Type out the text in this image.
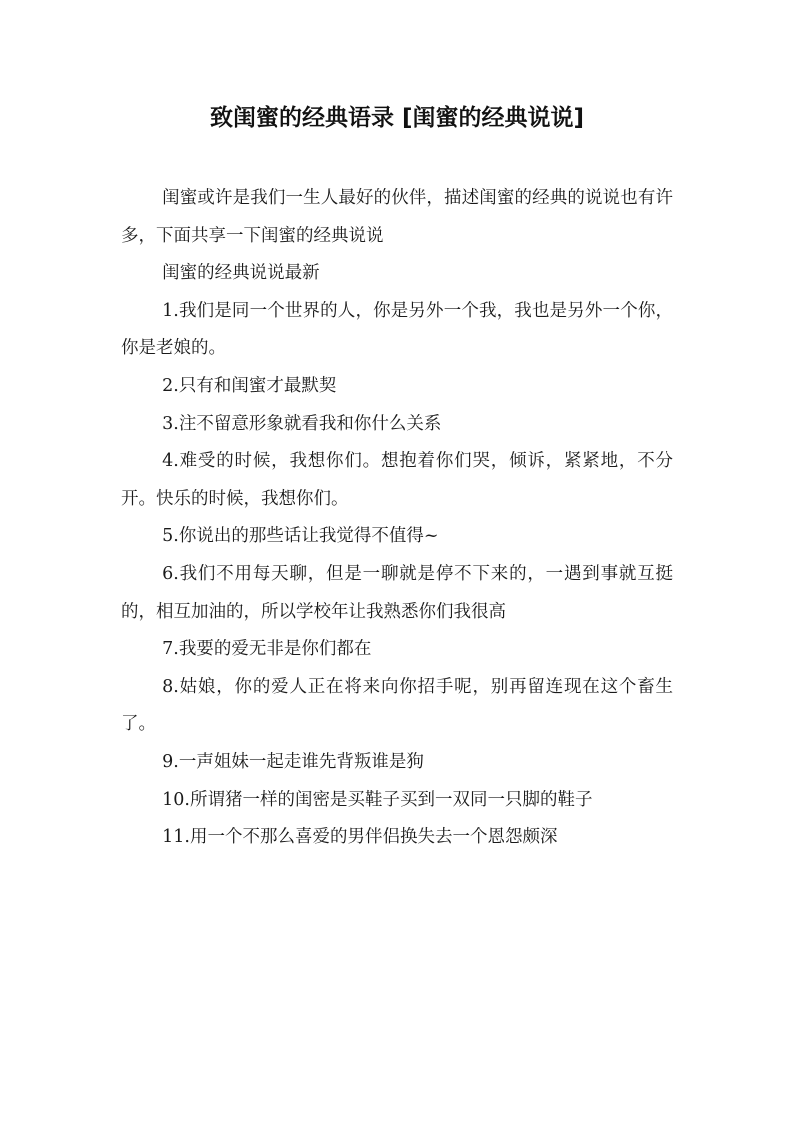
致闺蜜的经典语录 [闺蜜的经典说说]

闺蜜或许是我们一生人最好的伙伴，描述闺蜜的经典的说说也有许多，下面共享一下闺蜜的经典说说

闺蜜的经典说说最新

1.我们是同一个世界的人，你是另外一个我，我也是另外一个你，你是老娘的。

2.只有和闺蜜才最默契

3.注不留意形象就看我和你什么关系

4.难受的时候，我想你们。想抱着你们哭，倾诉，紧紧地，不分开。快乐的时候，我想你们。

5.你说出的那些话让我觉得不值得~

6.我们不用每天聊，但是一聊就是停不下来的，一遇到事就互挺的，相互加油的，所以学校年让我熟悉你们我很高

7.我要的爱无非是你们都在

8.姑娘，你的爱人正在将来向你招手呢，别再留连现在这个畜生了。

9.一声姐妹一起走谁先背叛谁是狗

10.所谓猪一样的闺密是买鞋子买到一双同一只脚的鞋子

11.用一个不那么喜爱的男伴侣换失去一个恩怨颇深
